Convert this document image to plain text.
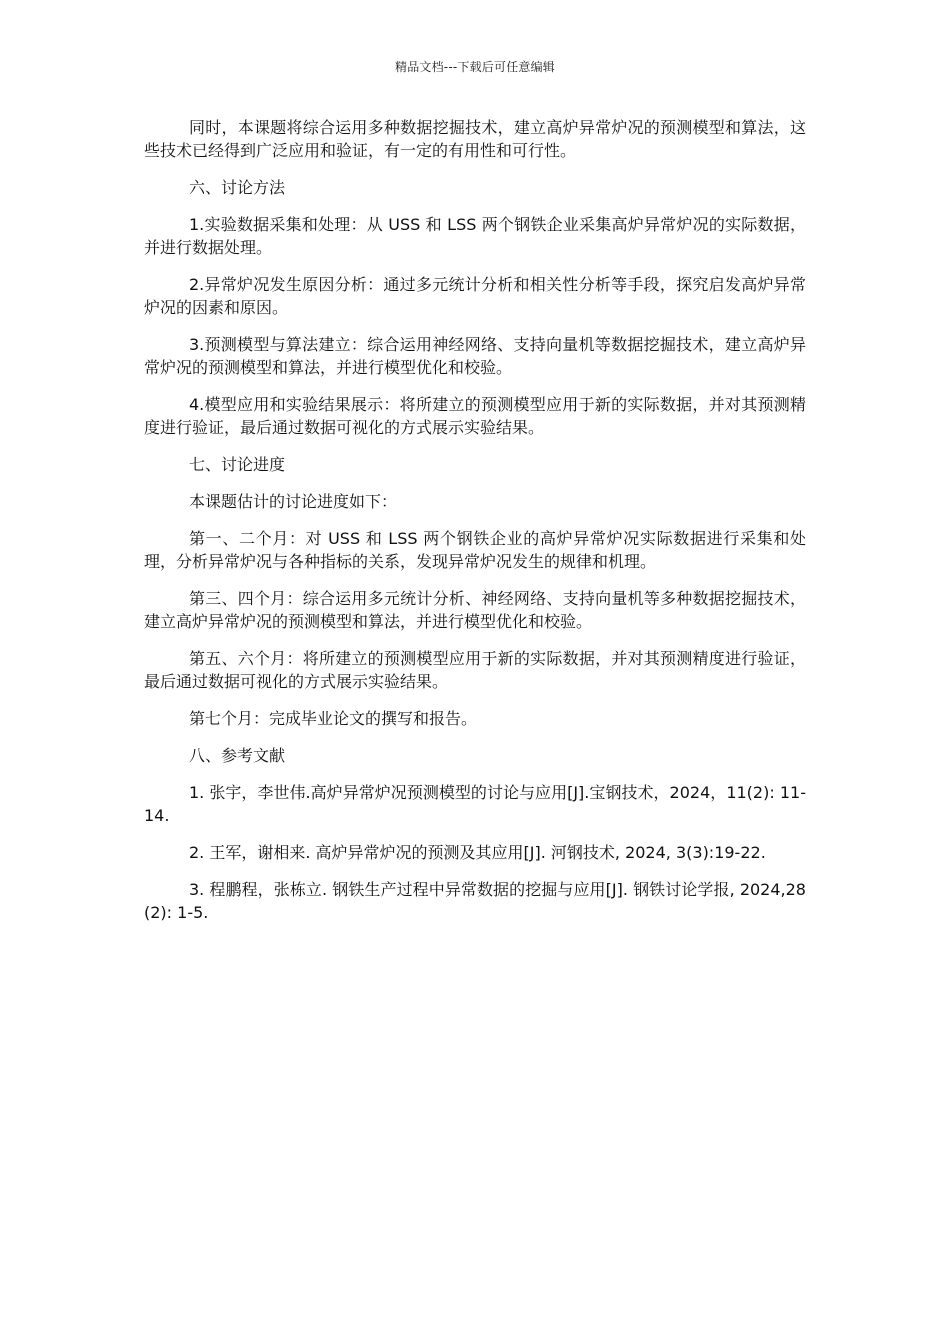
精品文档---下载后可任意编辑

同时，本课题将综合运用多种数据挖掘技术，建立高炉异常炉况的预测模型和算法，这些技术已经得到广泛应用和验证，有一定的有用性和可行性。

六、讨论方法

1.实验数据采集和处理：从 USS 和 LSS 两个钢铁企业采集高炉异常炉况的实际数据，并进行数据处理。

2.异常炉况发生原因分析：通过多元统计分析和相关性分析等手段，探究启发高炉异常炉况的因素和原因。

3.预测模型与算法建立：综合运用神经网络、支持向量机等数据挖掘技术，建立高炉异常炉况的预测模型和算法，并进行模型优化和校验。

4.模型应用和实验结果展示：将所建立的预测模型应用于新的实际数据，并对其预测精度进行验证，最后通过数据可视化的方式展示实验结果。

七、讨论进度

本课题估计的讨论进度如下：

第一、二个月：对 USS 和 LSS 两个钢铁企业的高炉异常炉况实际数据进行采集和处理，分析异常炉况与各种指标的关系，发现异常炉况发生的规律和机理。

第三、四个月：综合运用多元统计分析、神经网络、支持向量机等多种数据挖掘技术，建立高炉异常炉况的预测模型和算法，并进行模型优化和校验。

第五、六个月：将所建立的预测模型应用于新的实际数据，并对其预测精度进行验证，最后通过数据可视化的方式展示实验结果。

第七个月：完成毕业论文的撰写和报告。

八、参考文献

1. 张宇，李世伟.高炉异常炉况预测模型的讨论与应用[J].宝钢技术，2024，11(2): 11-14.

2. 王军，谢相来. 高炉异常炉况的预测及其应用[J]. 河钢技术, 2024, 3(3):19-22.

3. 程鹏程，张栋立. 钢铁生产过程中异常数据的挖掘与应用[J]. 钢铁讨论学报, 2024,28(2): 1-5.
